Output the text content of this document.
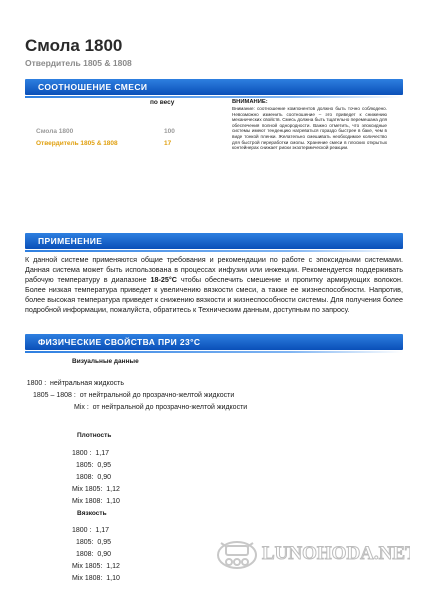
Смола 1800
Отвердитель 1805 & 1808
СООТНОШЕНИЕ СМЕСИ
по весу
Смола 1800	100
Отвердитель 1805 & 1808	17
ВНИМАНИЕ:
Внимание: соотношение компонентов должно быть точно соблюдено. Невозможно изменить соотношение – это приведет к снижению механических свойств. Смесь должна быть тщательно перемешана для обеспечения полной однородности. Важно отметить, что эпоксидные системы имеют тенденцию нагреваться гораздо быстрее в баке, чем в виде тонкой пленки. Желательно смешивать необходимое количество для быстрой переработки смолы. Хранение смеси в плоских открытых контейнерах снижает риски экзотермической реакции.
ПРИМЕНЕНИЕ
К данной системе применяются общие требования и рекомендации по работе с эпоксидными системами. Данная система может быть использована в процессах инфузии или инжекции. Рекомендуется поддерживать рабочую температуру в диапазоне 18-25°C чтобы обеспечить смешение и пропитку армирующих волокон. Более низкая температура приведет к увеличению вязкости смеси, а также ее жизнеспособности. Напротив, более высокая температура приведет к снижению вязкости и жизнеспособности системы. Для получения более подробной информации, пожалуйста, обратитесь к Техническим данным, доступным по запросу.
ФИЗИЧЕСКИЕ СВОЙСТВА ПРИ 23°C
Визуальные данные
1800 :  нейтральная жидкость
1805 – 1808 :  от нейтральной до прозрачно-желтой жидкости
Mix :  от нейтральной до прозрачно-желтой жидкости
Плотность
1800 :  1,17
1805:  0,95
1808:  0,90
Mix 1805:  1,12
Mix 1808:  1,10
Вязкость
1800 :  1,17
1805:  0,95
1808:  0,90
Mix 1805:  1,12
Mix 1808:  1,10
LUNOHODA.NET
